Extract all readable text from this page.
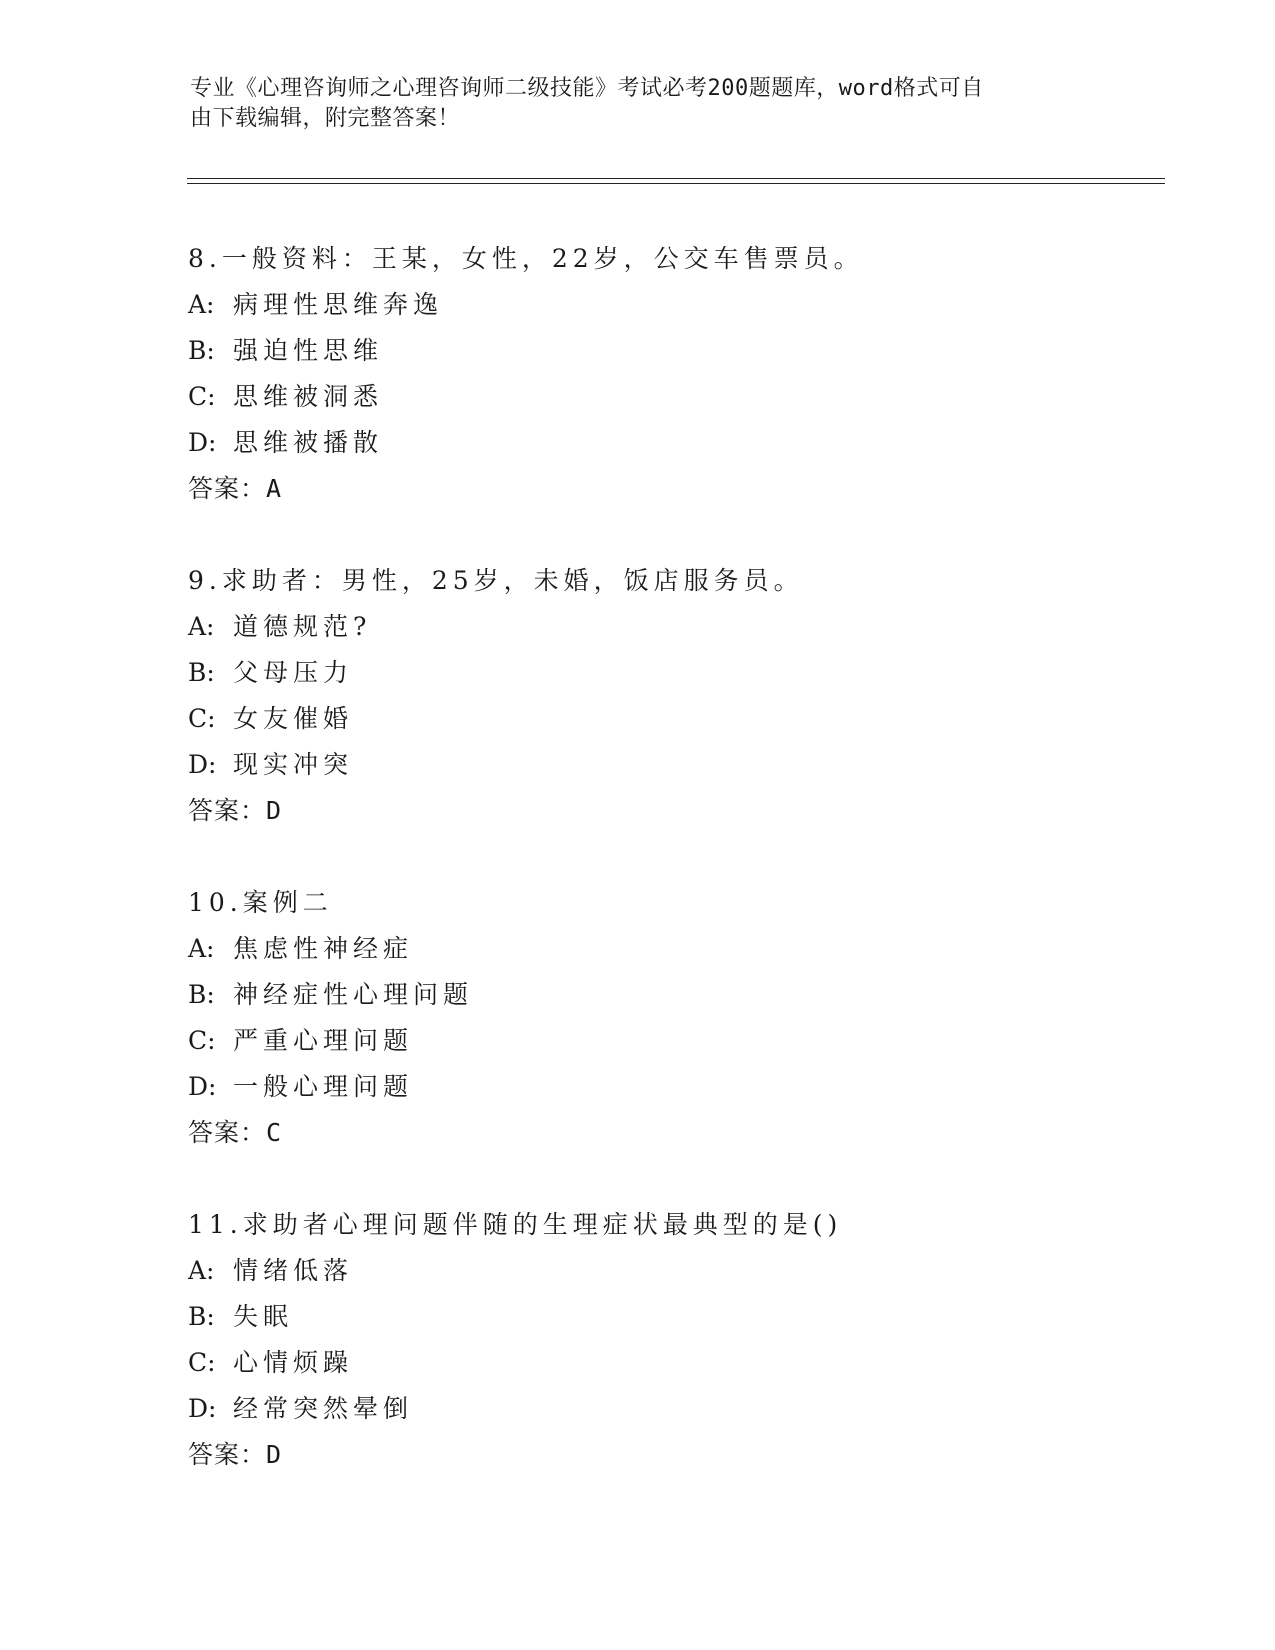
专业《心理咨询师之心理咨询师二级技能》考试必考200题题库，word格式可自
由下载编辑，附完整答案！
8.一般资料：王某，女性，22岁，公交车售票员。
A: 病理性思维奔逸
B: 强迫性思维
C: 思维被洞悉
D: 思维被播散
答案：A
9.求助者：男性，25岁，未婚，饭店服务员。
A: 道德规范?
B: 父母压力
C: 女友催婚
D: 现实冲突
答案：D
10.案例二
A: 焦虑性神经症
B: 神经症性心理问题
C: 严重心理问题
D: 一般心理问题
答案：C
11.求助者心理问题伴随的生理症状最典型的是()
A: 情绪低落
B: 失眠
C: 心情烦躁
D: 经常突然晕倒
答案：D
